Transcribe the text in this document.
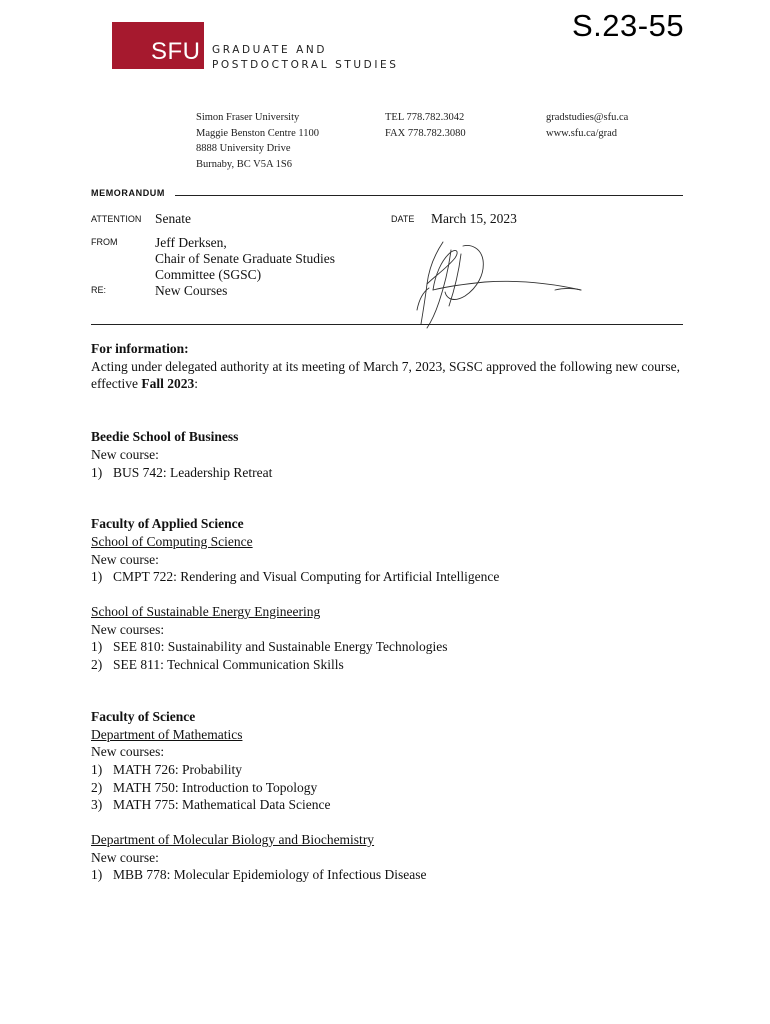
S.23-55
SFU GRADUATE AND
POSTDOCTORAL STUDIES
Simon Fraser University
Maggie Benston Centre 1100
8888 University Drive
Burnaby, BC V5A 1S6
TEL 778.782.3042
FAX 778.782.3080
gradstudies@sfu.ca
www.sfu.ca/grad
MEMORANDUM
ATTENTION Senate	DATE March 15, 2023
FROM	Jeff Derksen,
Chair of Senate Graduate Studies
Committee (SGSC)
RE:	New Courses

For information:

Acting under delegated authority at its meeting of March 7, 2023, SGSC approved the following new course, effective Fall 2023:

Beedie School of Business

New course:

1) BUS 742: Leadership Retreat

Faculty of Applied Science

School of Computing Science

New course:

1) CMPT 722: Rendering and Visual Computing for Artificial Intelligence

School of Sustainable Energy Engineering

New courses:

1) SEE 810: Sustainability and Sustainable Energy Technologies
2) SEE 811: Technical Communication Skills

Faculty of Science

Department of Mathematics

New courses:

1) MATH 726: Probability
2) MATH 750: Introduction to Topology
3) MATH 775: Mathematical Data Science

Department of Molecular Biology and Biochemistry

New course:

1) MBB 778: Molecular Epidemiology of Infectious Disease
